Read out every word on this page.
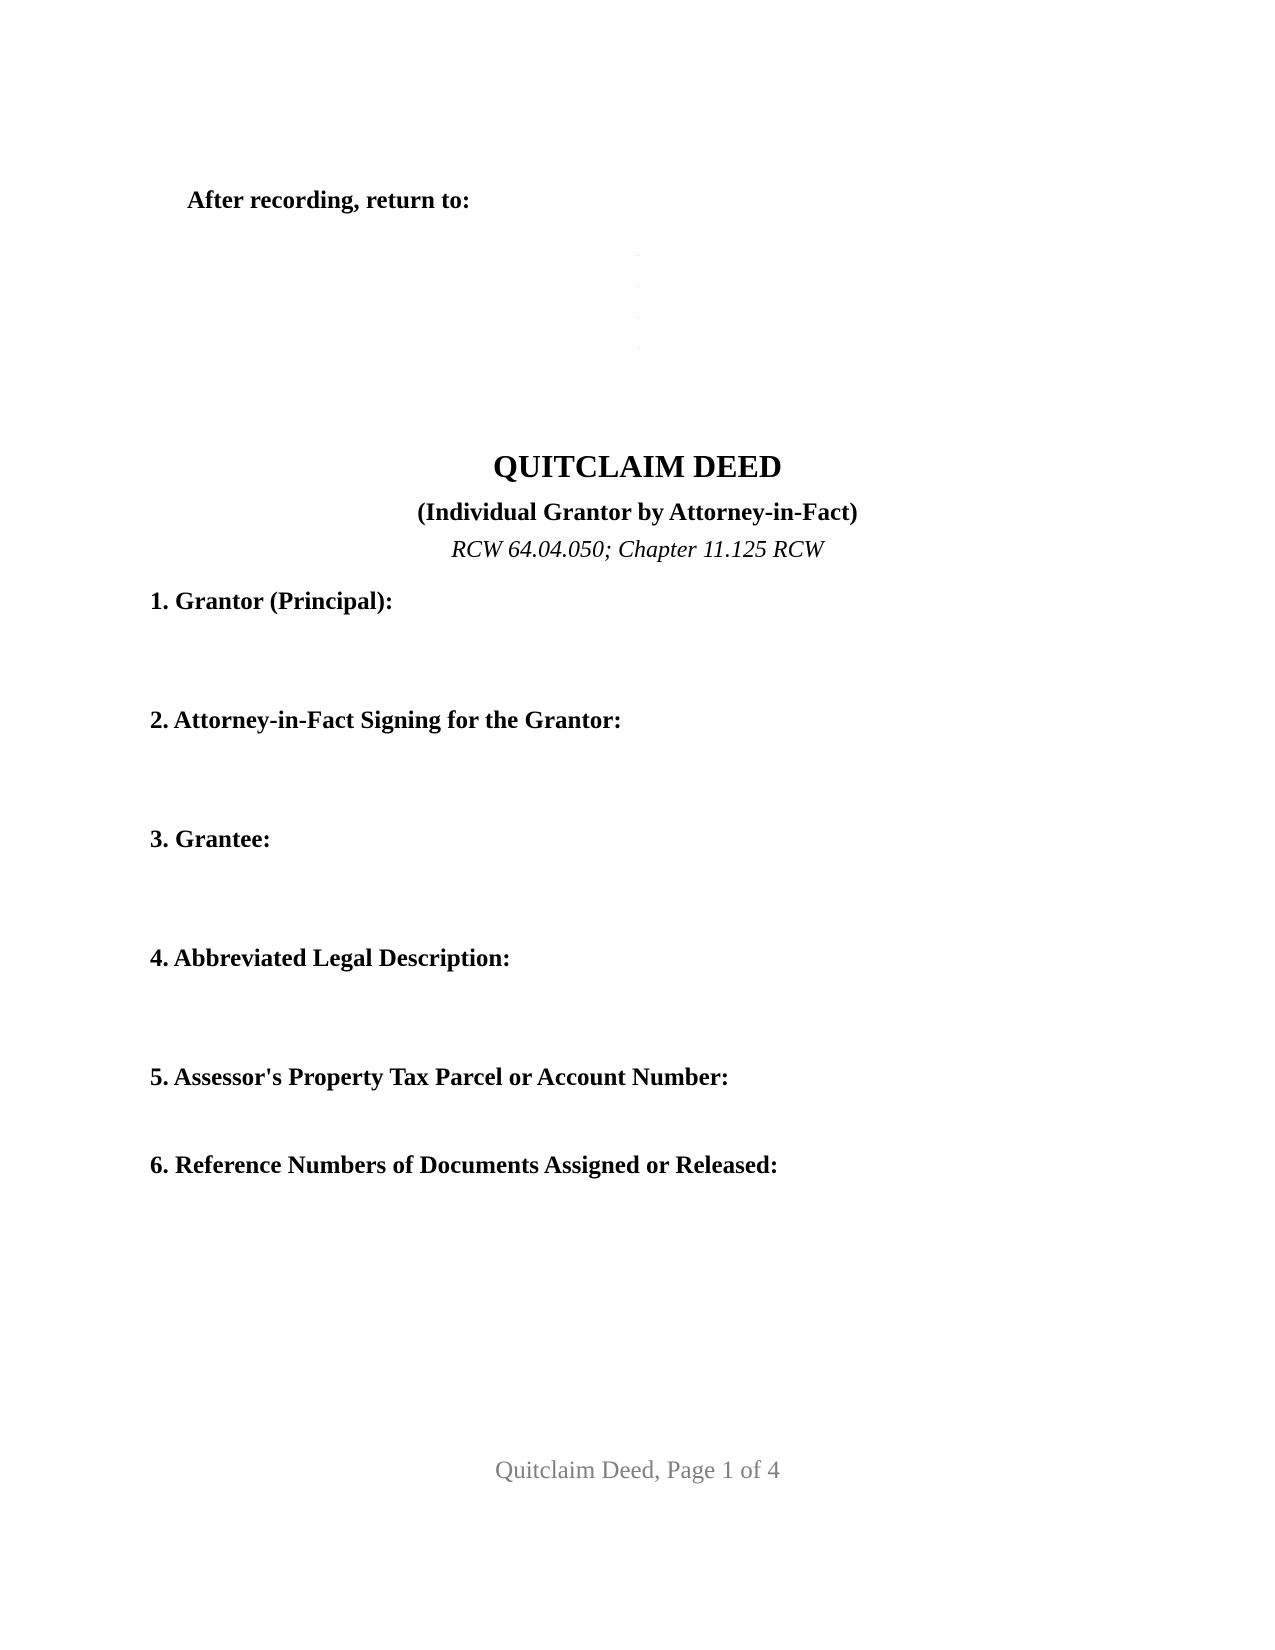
After recording, return to:
QUITCLAIM DEED
(Individual Grantor by Attorney-in-Fact)
RCW 64.04.050; Chapter 11.125 RCW
1. Grantor (Principal):
2. Attorney-in-Fact Signing for the Grantor:
3. Grantee:
4. Abbreviated Legal Description:
5. Assessor's Property Tax Parcel or Account Number:
6. Reference Numbers of Documents Assigned or Released:
Quitclaim Deed, Page 1 of 4
